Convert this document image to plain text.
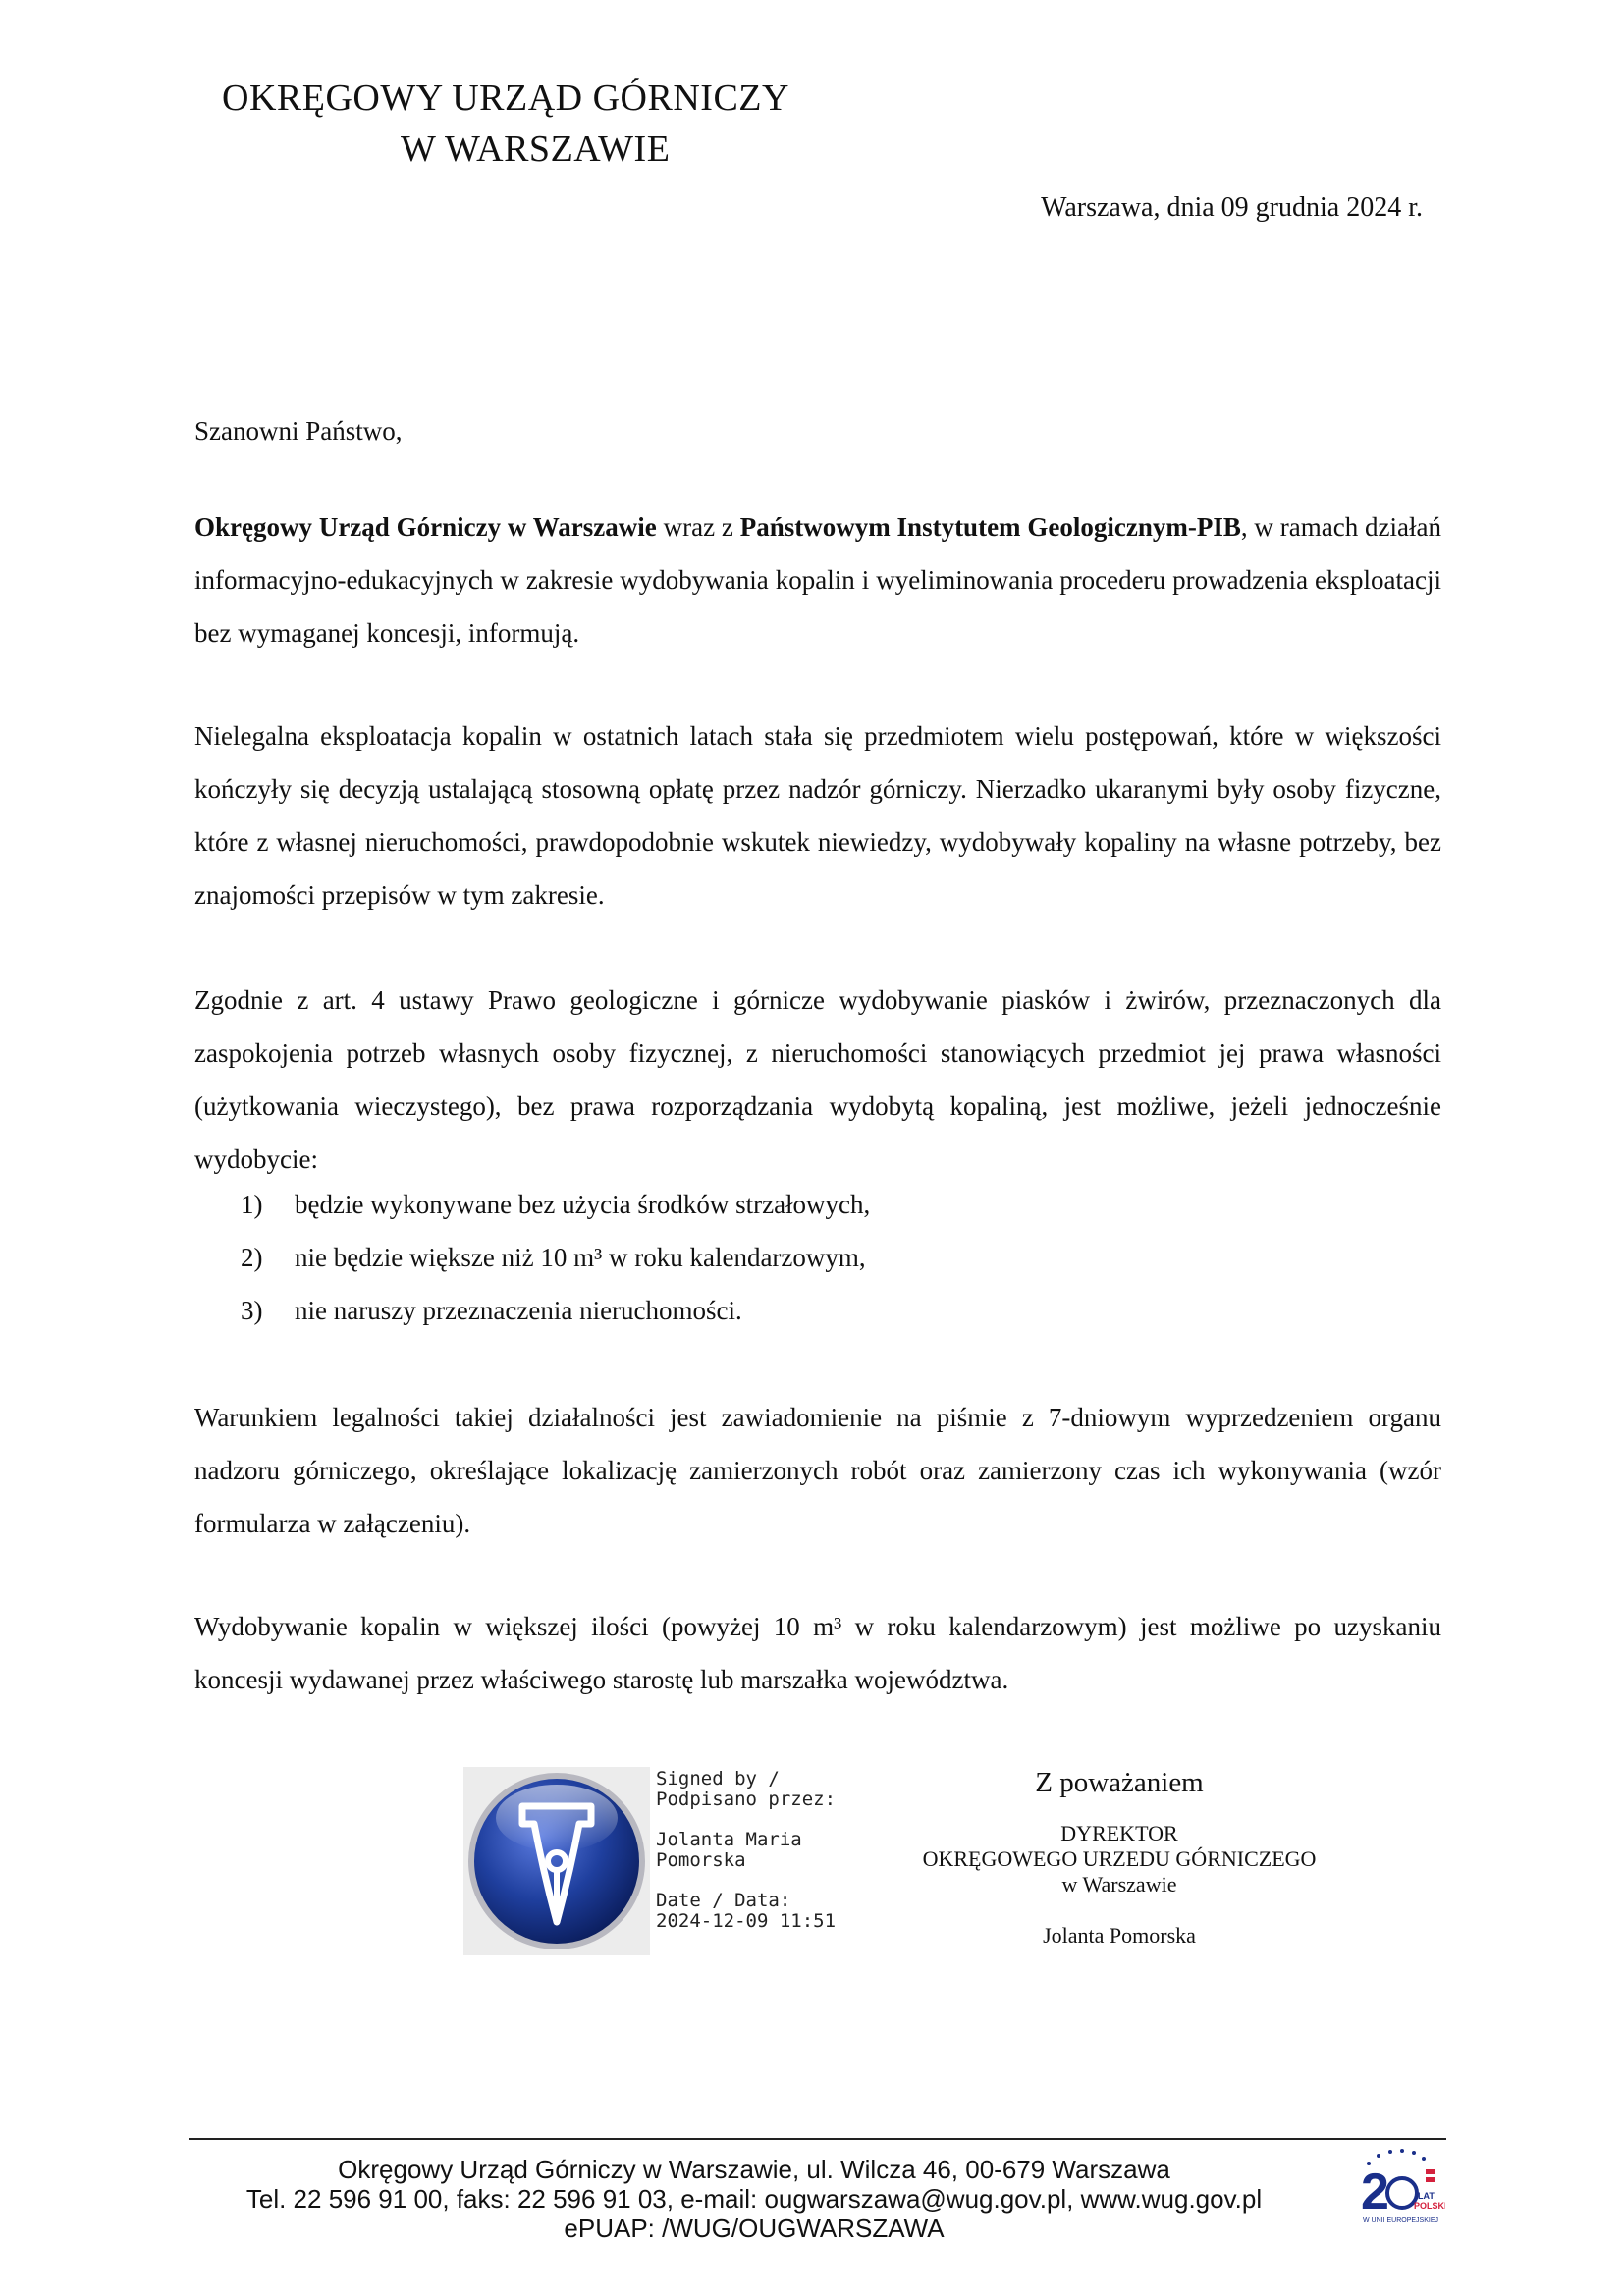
OKRĘGOWY URZĄD GÓRNICZY
W WARSZAWIE
Warszawa, dnia 09 grudnia 2024 r.
Szanowni Państwo,
Okręgowy Urząd Górniczy w Warszawie wraz z Państwowym Instytutem Geologicznym-PIB, w ramach działań informacyjno-edukacyjnych w zakresie wydobywania kopalin i wyeliminowania procederu prowadzenia eksploatacji bez wymaganej koncesji, informują.
Nielegalna eksploatacja kopalin w ostatnich latach stała się przedmiotem wielu postępowań, które w większości kończyły się decyzją ustalającą stosowną opłatę przez nadzór górniczy. Nierzadko ukaranymi były osoby fizyczne, które z własnej nieruchomości, prawdopodobnie wskutek niewiedzy, wydobywały kopaliny na własne potrzeby, bez znajomości przepisów w tym zakresie.
Zgodnie z art. 4 ustawy Prawo geologiczne i górnicze wydobywanie piasków i żwirów, przeznaczonych dla zaspokojenia potrzeb własnych osoby fizycznej, z nieruchomości stanowiących przedmiot jej prawa własności (użytkowania wieczystego), bez prawa rozporządzania wydobytą kopaliną, jest możliwe, jeżeli jednocześnie wydobycie:
1)	będzie wykonywane bez użycia środków strzałowych,
2)	nie będzie większe niż 10 m³ w roku kalendarzowym,
3)	nie naruszy przeznaczenia nieruchomości.
Warunkiem legalności takiej działalności jest zawiadomienie na piśmie z 7-dniowym wyprzedzeniem organu nadzoru górniczego, określające lokalizację zamierzonych robót oraz zamierzony czas ich wykonywania (wzór formularza w załączeniu).
Wydobywanie kopalin w większej ilości (powyżej 10 m³ w roku kalendarzowym) jest możliwe po uzyskaniu koncesji wydawanej przez właściwego starostę lub marszałka województwa.
Signed by /
Podpisano przez:
Jolanta Maria
Pomorska
Date / Data:
2024-12-09 11:51
Z poważaniem
DYREKTOR
OKRĘGOWEGO URZEDU GÓRNICZEGO
w Warszawie
Jolanta Pomorska
Okręgowy Urząd Górniczy w Warszawie, ul. Wilcza 46, 00-679 Warszawa
Tel. 22 596 91 00, faks: 22 596 91 03, e-mail: ougwarszawa@wug.gov.pl, www.wug.gov.pl
ePUAP: /WUG/OUGWARSZAWA
2	LAT
POLSKI
W UNII EUROPEJSKIEJ
